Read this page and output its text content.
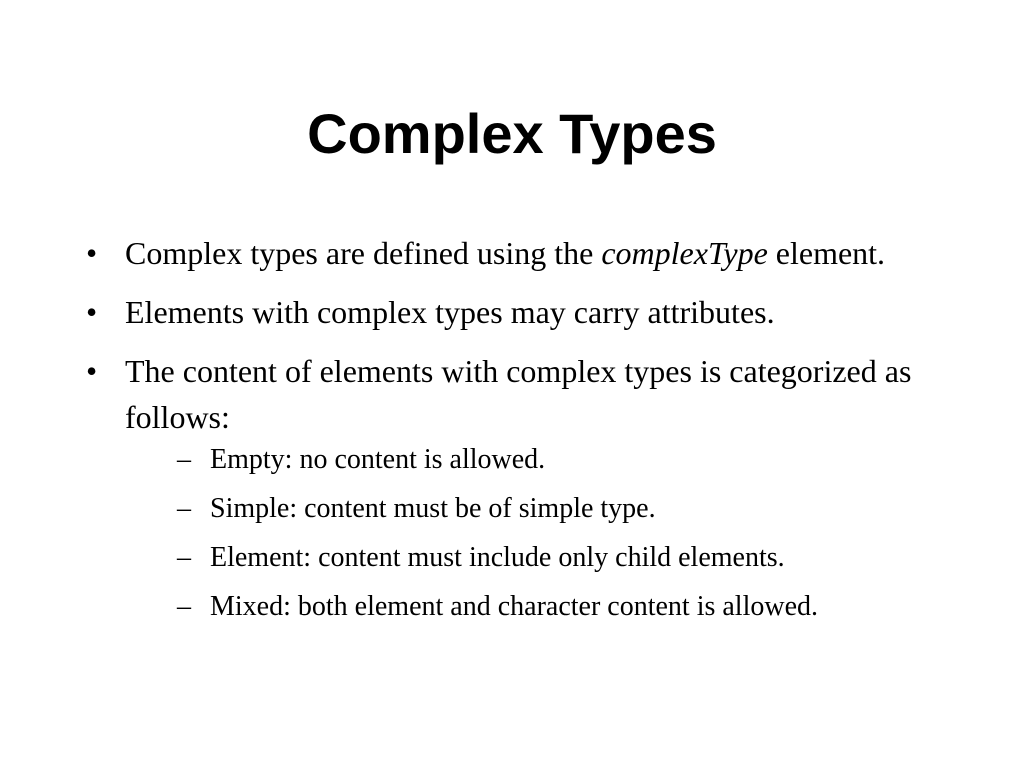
Complex Types
• Complex types are defined using the complexType element.
• Elements with complex types may carry attributes.
• The content of elements with complex types is categorized as follows:
– Empty: no content is allowed.
– Simple: content must be of simple type.
– Element: content must include only child elements.
– Mixed: both element and character content is allowed.
